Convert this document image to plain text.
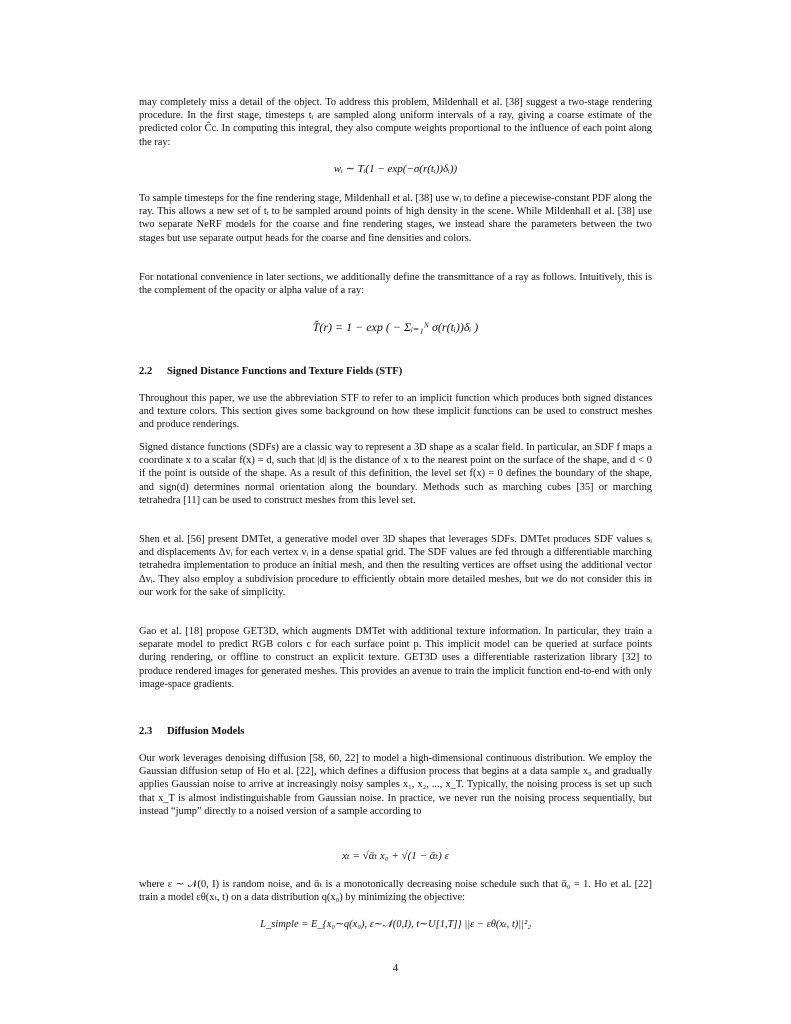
may completely miss a detail of the object. To address this problem, Mildenhall et al. [38] suggest a two-stage rendering procedure. In the first stage, timesteps tᵢ are sampled along uniform intervals of a ray, giving a coarse estimate of the predicted color Ĉc. In computing this integral, they also compute weights proportional to the influence of each point along the ray:

wᵢ ∼ Tᵢ(1 − exp(−σ(r(tᵢ))δᵢ))

To sample timesteps for the fine rendering stage, Mildenhall et al. [38] use wᵢ to define a piecewise-constant PDF along the ray. This allows a new set of tᵢ to be sampled around points of high density in the scene. While Mildenhall et al. [38] use two separate NeRF models for the coarse and fine rendering stages, we instead share the parameters between the two stages but use separate output heads for the coarse and fine densities and colors.

For notational convenience in later sections, we additionally define the transmittance of a ray as follows. Intuitively, this is the complement of the opacity or alpha value of a ray:

T̂(r) = 1 − exp ( − Σᵢ₌₁ᴺ σ(r(tᵢ))δᵢ )
2.2 Signed Distance Functions and Texture Fields (STF)

Throughout this paper, we use the abbreviation STF to refer to an implicit function which produces both signed distances and texture colors. This section gives some background on how these implicit functions can be used to construct meshes and produce renderings.

Signed distance functions (SDFs) are a classic way to represent a 3D shape as a scalar field. In particular, an SDF f maps a coordinate x to a scalar f(x) = d, such that |d| is the distance of x to the nearest point on the surface of the shape, and d < 0 if the point is outside of the shape. As a result of this definition, the level set f(x) = 0 defines the boundary of the shape, and sign(d) determines normal orientation along the boundary. Methods such as marching cubes [35] or marching tetrahedra [11] can be used to construct meshes from this level set.

Shen et al. [56] present DMTet, a generative model over 3D shapes that leverages SDFs. DMTet produces SDF values sᵢ and displacements Δvᵢ for each vertex vᵢ in a dense spatial grid. The SDF values are fed through a differentiable marching tetrahedra implementation to produce an initial mesh, and then the resulting vertices are offset using the additional vector Δvᵢ. They also employ a subdivision procedure to efficiently obtain more detailed meshes, but we do not consider this in our work for the sake of simplicity.

Gao et al. [18] propose GET3D, which augments DMTet with additional texture information. In particular, they train a separate model to predict RGB colors c for each surface point p. This implicit model can be queried at surface points during rendering, or offline to construct an explicit texture. GET3D uses a differentiable rasterization library [32] to produce rendered images for generated meshes. This provides an avenue to train the implicit function end-to-end with only image-space gradients.

2.3 Diffusion Models

Our work leverages denoising diffusion [58, 60, 22] to model a high-dimensional continuous distribution. We employ the Gaussian diffusion setup of Ho et al. [22], which defines a diffusion process that begins at a data sample x₀ and gradually applies Gaussian noise to arrive at increasingly noisy samples x₁, x₂, ..., x_T. Typically, the noising process is set up such that x_T is almost indistinguishable from Gaussian noise. In practice, we never run the noising process sequentially, but instead “jump” directly to a noised version of a sample according to

xₜ = √ᾱₜ x₀ + √(1 − ᾱₜ) ε

where ε ∼ 𝒩(0, I) is random noise, and ᾱₜ is a monotonically decreasing noise schedule such that ᾱ₀ = 1. Ho et al. [22] train a model εθ(xₜ, t) on a data distribution q(x₀) by minimizing the objective:

L_simple = E_{x₀∼q(x₀), ε∼𝒩(0,I), t∼U[1,T]} ||ε − εθ(xₜ, t)||²₂
4
